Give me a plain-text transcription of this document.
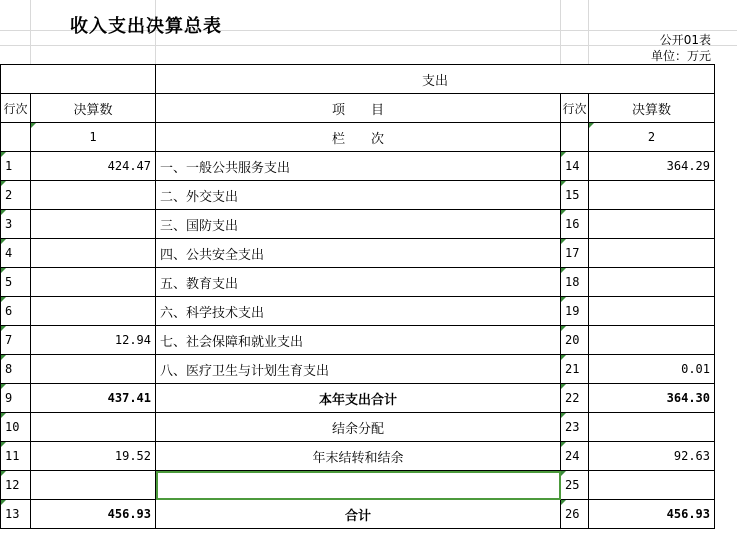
收入支出决算总表
公开01表
单位：万元
		支出		
行次	决算数	项　　目	行次	决算数
	1	栏　　次		2
1	424.47	一、一般公共服务支出	14	364.29
2		二、外交支出	15	
3		三、国防支出	16	
4		四、公共安全支出	17	
5		五、教育支出	18	
6		六、科学技术支出	19	
7	12.94	七、社会保障和就业支出	20	
8		八、医疗卫生与计划生育支出	21	0.01
9	437.41	本年支出合计	22	364.30
10		结余分配	23	
11	19.52	年末结转和结余	24	92.63
12			25	
13	456.93	合计	26	456.93
